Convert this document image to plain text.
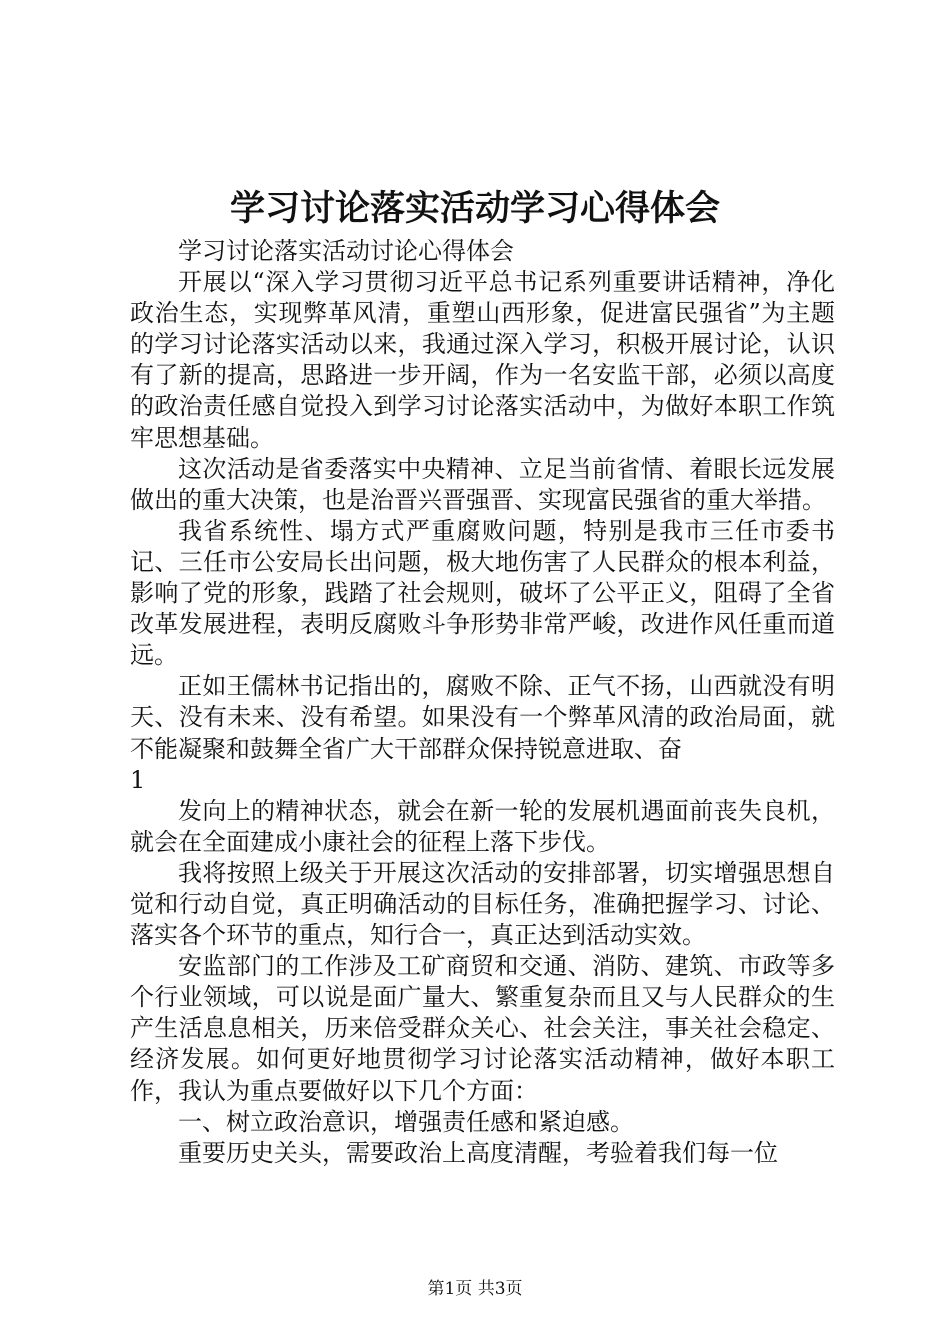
学习讨论落实活动学习心得体会

学习讨论落实活动讨论心得体会

开展以“深入学习贯彻习近平总书记系列重要讲话精神，净化政治生态，实现弊革风清，重塑山西形象，促进富民强省”为主题的学习讨论落实活动以来，我通过深入学习，积极开展讨论，认识有了新的提高，思路进一步开阔，作为一名安监干部，必须以高度的政治责任感自觉投入到学习讨论落实活动中，为做好本职工作筑牢思想基础。

这次活动是省委落实中央精神、立足当前省情、着眼长远发展做出的重大决策，也是治晋兴晋强晋、实现富民强省的重大举措。

我省系统性、塌方式严重腐败问题，特别是我市三任市委书记、三任市公安局长出问题，极大地伤害了人民群众的根本利益，影响了党的形象，践踏了社会规则，破坏了公平正义，阻碍了全省改革发展进程，表明反腐败斗争形势非常严峻，改进作风任重而道远。

正如王儒林书记指出的，腐败不除、正气不扬，山西就没有明天、没有未来、没有希望。如果没有一个弊革风清的政治局面，就不能凝聚和鼓舞全省广大干部群众保持锐意进取、奋

1

发向上的精神状态，就会在新一轮的发展机遇面前丧失良机，就会在全面建成小康社会的征程上落下步伐。

我将按照上级关于开展这次活动的安排部署，切实增强思想自觉和行动自觉，真正明确活动的目标任务，准确把握学习、讨论、落实各个环节的重点，知行合一，真正达到活动实效。

安监部门的工作涉及工矿商贸和交通、消防、建筑、市政等多个行业领域，可以说是面广量大、繁重复杂而且又与人民群众的生产生活息息相关，历来倍受群众关心、社会关注，事关社会稳定、经济发展。如何更好地贯彻学习讨论落实活动精神，做好本职工作，我认为重点要做好以下几个方面：

一、树立政治意识，增强责任感和紧迫感。

重要历史关头，需要政治上高度清醒，考验着我们每一位

第1页 共3页
